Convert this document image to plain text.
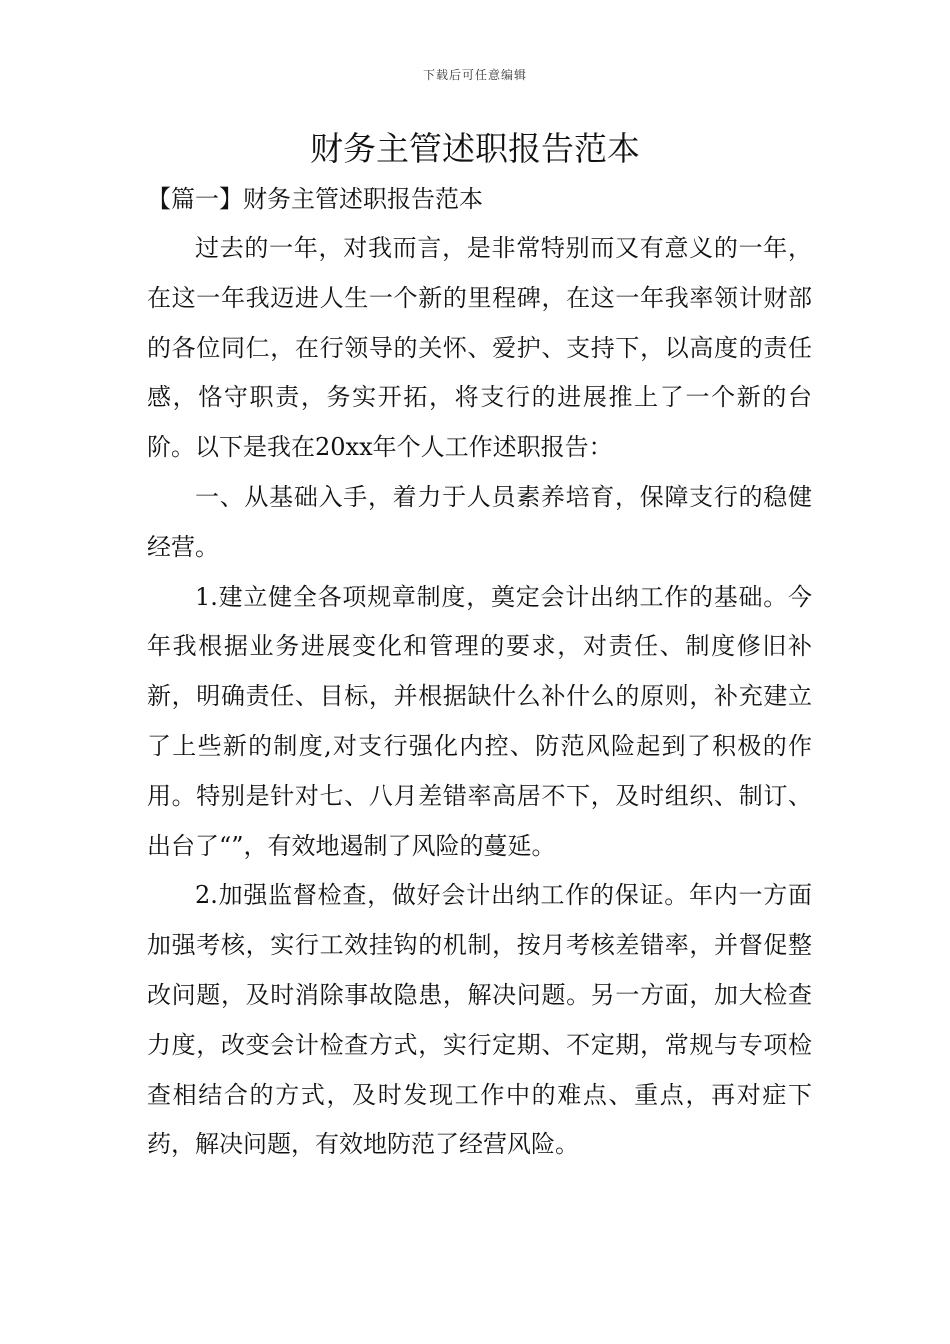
下载后可任意编辑
财务主管述职报告范本
【篇一】财务主管述职报告范本

过去的一年，对我而言，是非常特别而又有意义的一年，在这一年我迈进人生一个新的里程碑，在这一年我率领计财部的各位同仁，在行领导的关怀、爱护、支持下，以高度的责任感，恪守职责，务实开拓，将支行的进展推上了一个新的台阶。以下是我在20xx年个人工作述职报告：

一、从基础入手，着力于人员素养培育，保障支行的稳健经营。

1.建立健全各项规章制度，奠定会计出纳工作的基础。今年我根据业务进展变化和管理的要求，对责任、制度修旧补新，明确责任、目标，并根据缺什么补什么的原则，补充建立了上些新的制度,对支行强化内控、防范风险起到了积极的作用。特别是针对七、八月差错率高居不下，及时组织、制订、出台了“”，有效地遏制了风险的蔓延。

2.加强监督检查，做好会计出纳工作的保证。年内一方面加强考核，实行工效挂钩的机制，按月考核差错率，并督促整改问题，及时消除事故隐患，解决问题。另一方面，加大检查力度，改变会计检查方式，实行定期、不定期，常规与专项检查相结合的方式，及时发现工作中的难点、重点，再对症下药，解决问题，有效地防范了经营风险。
